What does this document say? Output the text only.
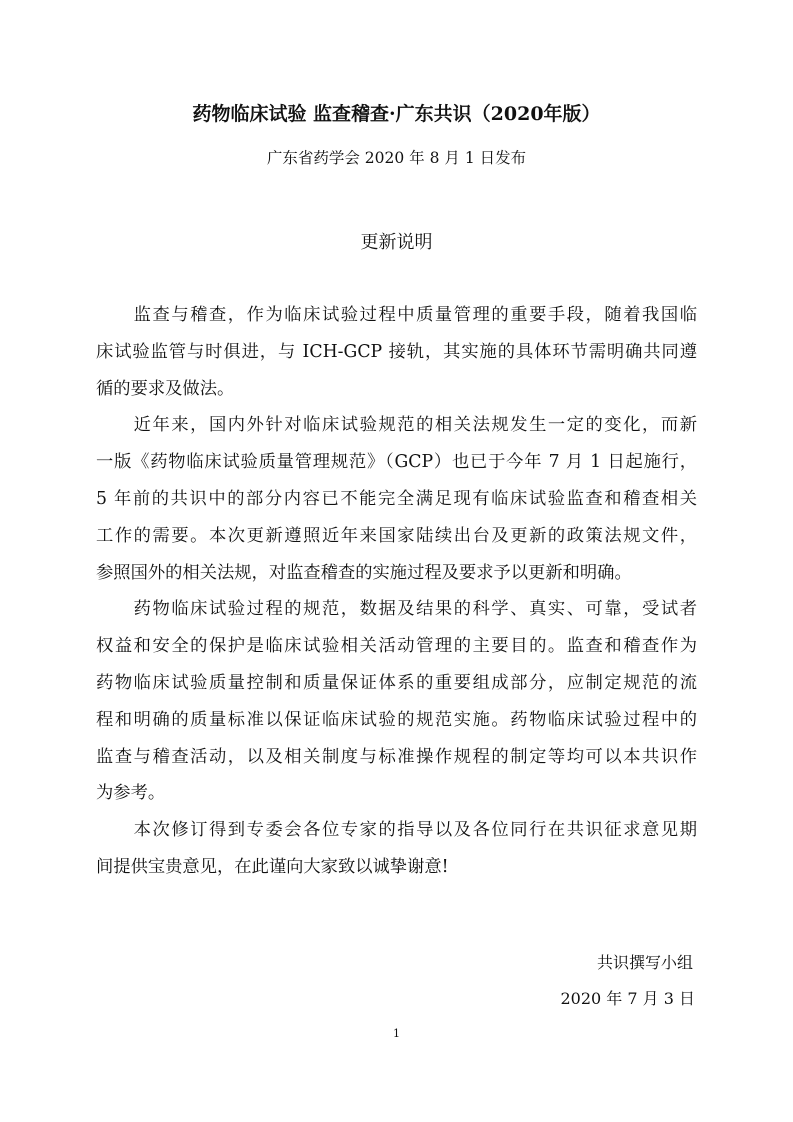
药物临床试验 监查稽查·广东共识（2020年版）
广东省药学会 2020 年 8 月 1 日发布
更新说明
　　监查与稽查，作为临床试验过程中质量管理的重要手段，随着我国临
床试验监管与时俱进，与 ICH-GCP 接轨，其实施的具体环节需明确共同遵
循的要求及做法。
　　近年来，国内外针对临床试验规范的相关法规发生一定的变化，而新
一版《药物临床试验质量管理规范》（GCP）也已于今年 7 月 1 日起施行，
5 年前的共识中的部分内容已不能完全满足现有临床试验监查和稽查相关
工作的需要。本次更新遵照近年来国家陆续出台及更新的政策法规文件，
参照国外的相关法规，对监查稽查的实施过程及要求予以更新和明确。
　　药物临床试验过程的规范，数据及结果的科学、真实、可靠，受试者
权益和安全的保护是临床试验相关活动管理的主要目的。监查和稽查作为
药物临床试验质量控制和质量保证体系的重要组成部分，应制定规范的流
程和明确的质量标准以保证临床试验的规范实施。药物临床试验过程中的
监查与稽查活动，以及相关制度与标准操作规程的制定等均可以本共识作
为参考。
　　本次修订得到专委会各位专家的指导以及各位同行在共识征求意见期
间提供宝贵意见，在此谨向大家致以诚挚谢意!
共识撰写小组
2020 年 7 月 3 日
1
